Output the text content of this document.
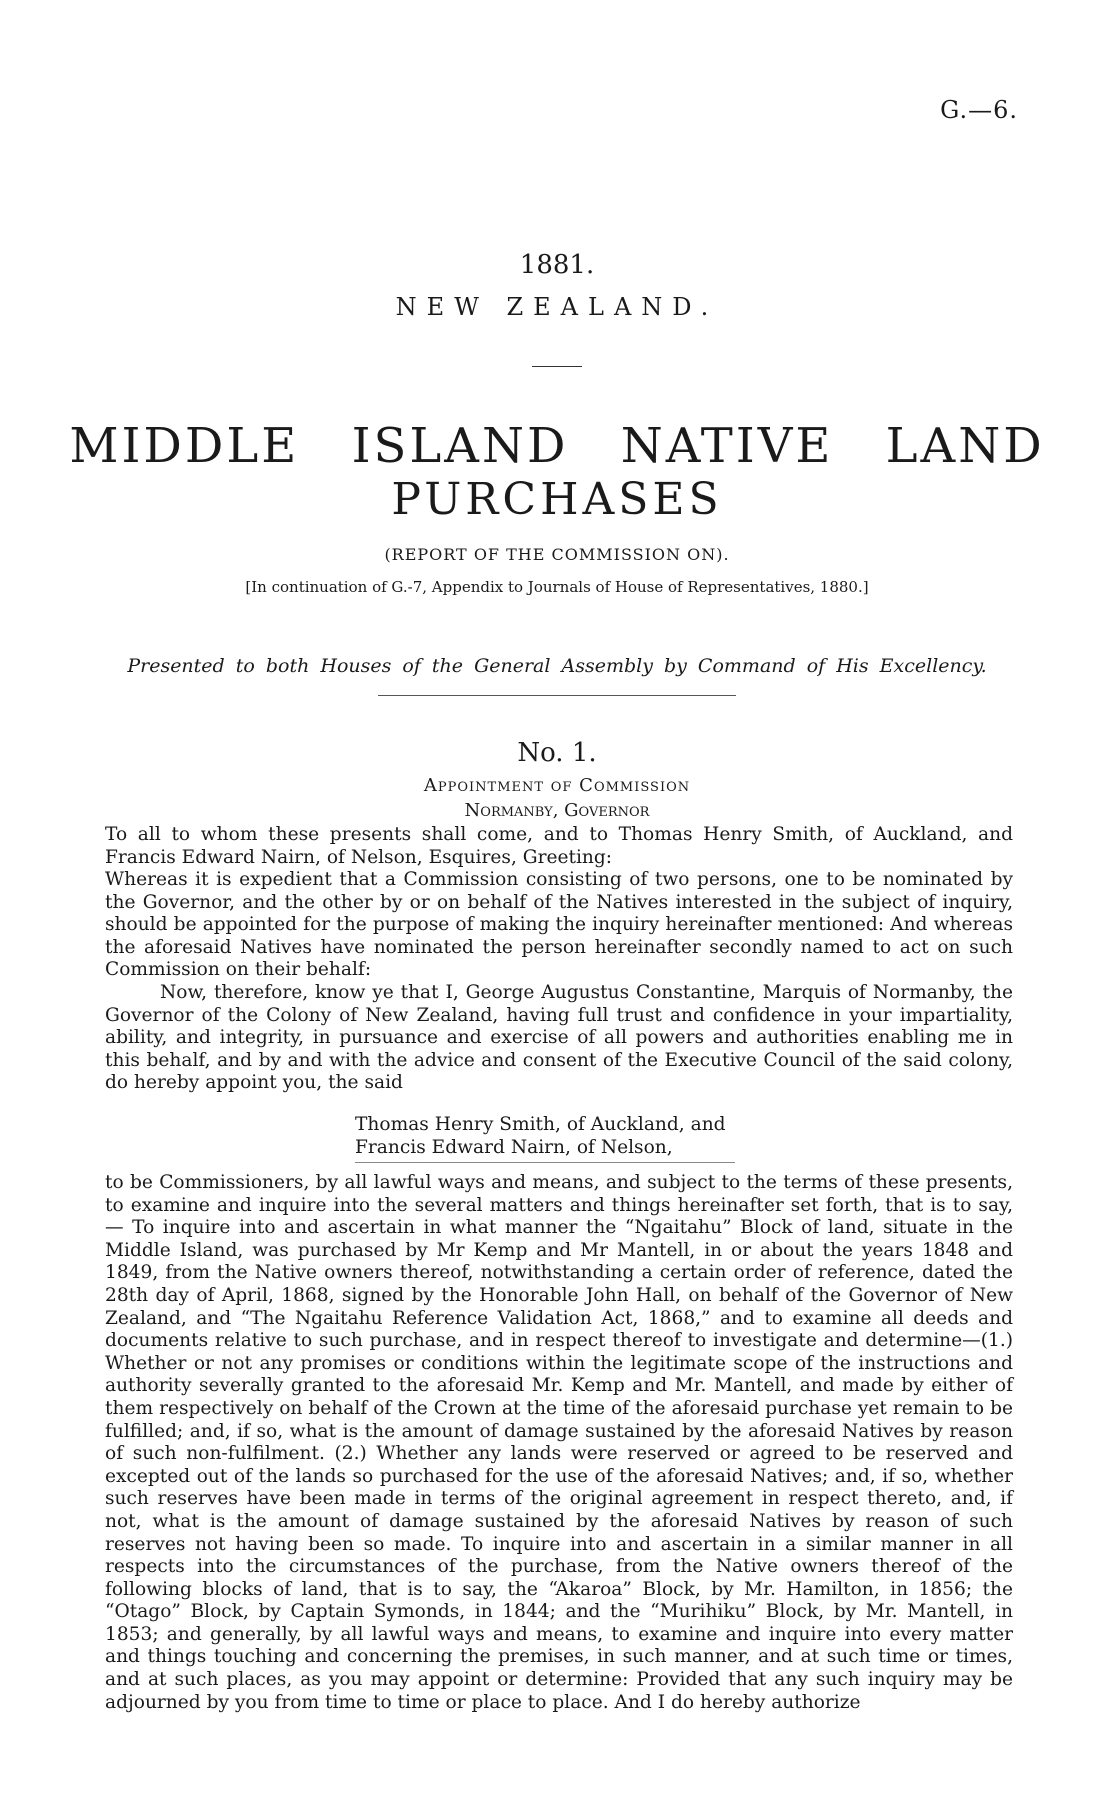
G.—6.
1881.
NEW ZEALAND.
MIDDLE ISLAND NATIVE LAND
PURCHASES
(REPORT OF THE COMMISSION ON).
[In continuation of G.-7, Appendix to Journals of House of Representatives, 1880.]
Presented to both Houses of the General Assembly by Command of His Excellency.
No. 1.
Appointment of Commission
Normanby, Governor

To all to whom these presents shall come, and to Thomas Henry Smith, of Auckland, and Francis Edward Nairn, of Nelson, Esquires, Greeting:

Whereas it is expedient that a Commission consisting of two persons, one to be nominated by the Governor, and the other by or on behalf of the Natives interested in the subject of inquiry, should be appointed for the purpose of making the inquiry hereinafter mentioned: And whereas the aforesaid Natives have nominated the person hereinafter secondly named to act on such Commission on their behalf:

Now, therefore, know ye that I, George Augustus Constantine, Marquis of Normanby, the Governor of the Colony of New Zealand, having full trust and confidence in your impartiality, ability, and integrity, in pursuance and exercise of all powers and authorities enabling me in this behalf, and by and with the advice and consent of the Executive Council of the said colony, do hereby appoint you, the said

Thomas Henry Smith, of Auckland, and
Francis Edward Nairn, of Nelson,

to be Commissioners, by all lawful ways and means, and subject to the terms of these presents, to examine and inquire into the several matters and things hereinafter set forth, that is to say,— To inquire into and ascertain in what manner the “Ngaitahu” Block of land, situate in the Middle Island, was purchased by Mr Kemp and Mr Mantell, in or about the years 1848 and 1849, from the Native owners thereof, notwithstanding a certain order of reference, dated the 28th day of April, 1868, signed by the Honorable John Hall, on behalf of the Governor of New Zealand, and “The Ngaitahu Reference Validation Act, 1868,” and to examine all deeds and documents relative to such purchase, and in respect thereof to investigate and determine—(1.) Whether or not any promises or conditions within the legitimate scope of the instructions and authority severally granted to the aforesaid Mr. Kemp and Mr. Mantell, and made by either of them respectively on behalf of the Crown at the time of the aforesaid purchase yet remain to be fulfilled; and, if so, what is the amount of damage sustained by the aforesaid Natives by reason of such non-fulfilment. (2.) Whether any lands were reserved or agreed to be reserved and excepted out of the lands so purchased for the use of the aforesaid Natives; and, if so, whether such reserves have been made in terms of the original agreement in respect thereto, and, if not, what is the amount of damage sustained by the aforesaid Natives by reason of such reserves not having been so made. To inquire into and ascertain in a similar manner in all respects into the circumstances of the purchase, from the Native owners thereof of the following blocks of land, that is to say, the “Akaroa” Block, by Mr. Hamilton, in 1856; the “Otago” Block, by Captain Symonds, in 1844; and the “Murihiku” Block, by Mr. Mantell, in 1853; and generally, by all lawful ways and means, to examine and inquire into every matter and things touching and concerning the premises, in such manner, and at such time or times, and at such places, as you may appoint or determine: Provided that any such inquiry may be adjourned by you from time to time or place to place. And I do hereby authorize
